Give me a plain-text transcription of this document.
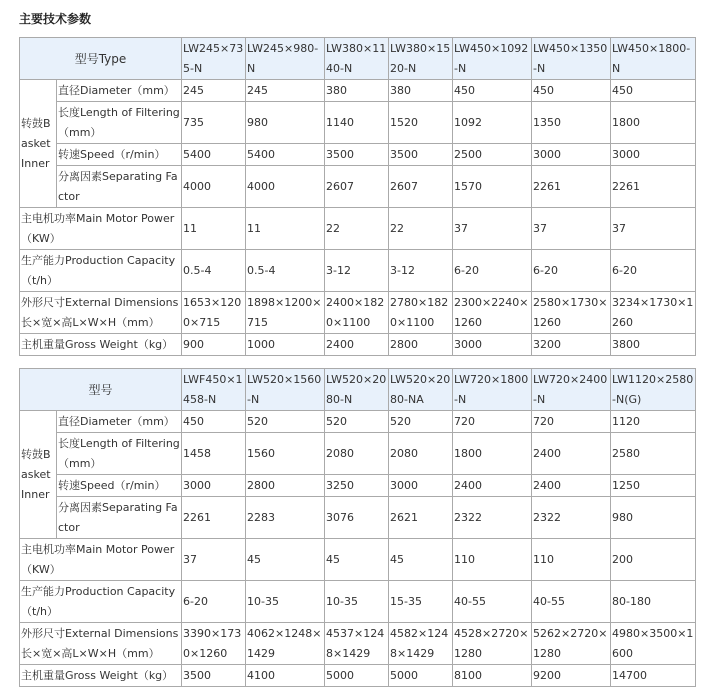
主要技术参数
型号Type		LW245×735-N	LW245×980-N	LW380×1140-N	LW380×1520-N	LW450×1092-N	LW450×1350-N	LW450×1800-N
转鼓Basket Inner	直径Diameter（mm）	245	245	380	380	450	450	450
	长度Length of Filtering（mm）	735	980	1140	1520	1092	1350	1800
	转速Speed（r/min）	5400	5400	3500	3500	2500	3000	3000
	分离因素Separating Factor	4000	4000	2607	2607	1570	2261	2261
主电机功率Main Motor Power（KW）		11	11	22	22	37	37	37
生产能力Production Capacity（t/h）		0.5-4	0.5-4	3-12	3-12	6-20	6-20	6-20
外形尺寸External Dimensions长×宽×高L×W×H（mm）		1653×1200×715	1898×1200×715	2400×1820×1100	2780×1820×1100	2300×2240×1260	2580×1730×1260	3234×1730×1260
主机重量Gross Weight（kg）		900	1000	2400	2800	3000	3200	3800
型号		LWF450×1458-N	LW520×1560-N	LW520×2080-N	LW520×2080-NA	LW720×1800-N	LW720×2400-N	LW1120×2580-N(G)
转鼓Basket Inner	直径Diameter（mm）	450	520	520	520	720	720	1120
	长度Length of Filtering（mm）	1458	1560	2080	2080	1800	2400	2580
	转速Speed（r/min）	3000	2800	3250	3000	2400	2400	1250
	分离因素Separating Factor	2261	2283	3076	2621	2322	2322	980
主电机功率Main Motor Power（KW）		37	45	45	45	110	110	200
生产能力Production Capacity（t/h）		6-20	10-35	10-35	15-35	40-55	40-55	80-180
外形尺寸External Dimensions长×宽×高L×W×H（mm）		3390×1730×1260	4062×1248×1429	4537×1248×1429	4582×1248×1429	4528×2720×1280	5262×2720×1280	4980×3500×1600
主机重量Gross Weight（kg）		3500	4100	5000	5000	8100	9200	14700
